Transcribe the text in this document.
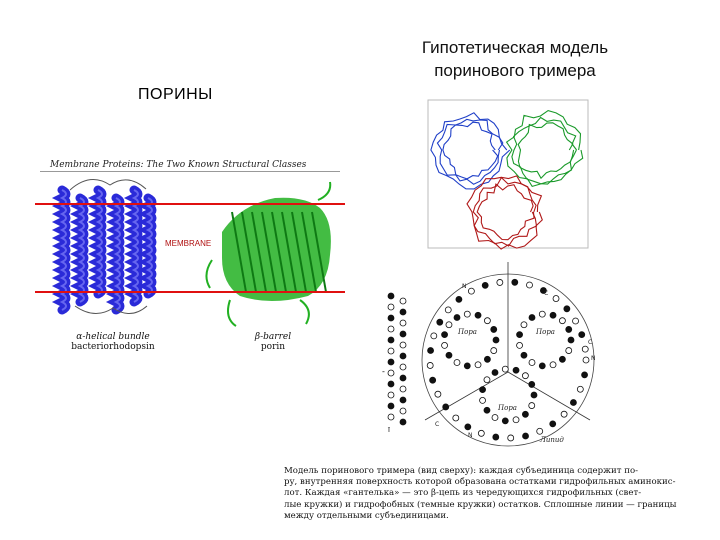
Гипотетическая модель
поринового тримера
ПОРИНЫ
Membrane Proteins: The Two Known Structural Classes
-
ī
MEMBRANE
α-helical bundle
bacteriorhodopsin
β-barrel
porin
Пора	Пора
Пора
Липид
N
N
N
C
C
C
Модель поринового тримера (вид сверху): каждая субъединица содержит по-
ру, внутренняя поверхность которой образована остатками гидрофильных аминокис-
лот. Каждая «гантелька» — это β-цепь из чередующихся гидрофильных (свет-
лые кружки) и гидрофобных (темные кружки) остатков. Сплошные линии — границы
между отдельными субъединицами.
